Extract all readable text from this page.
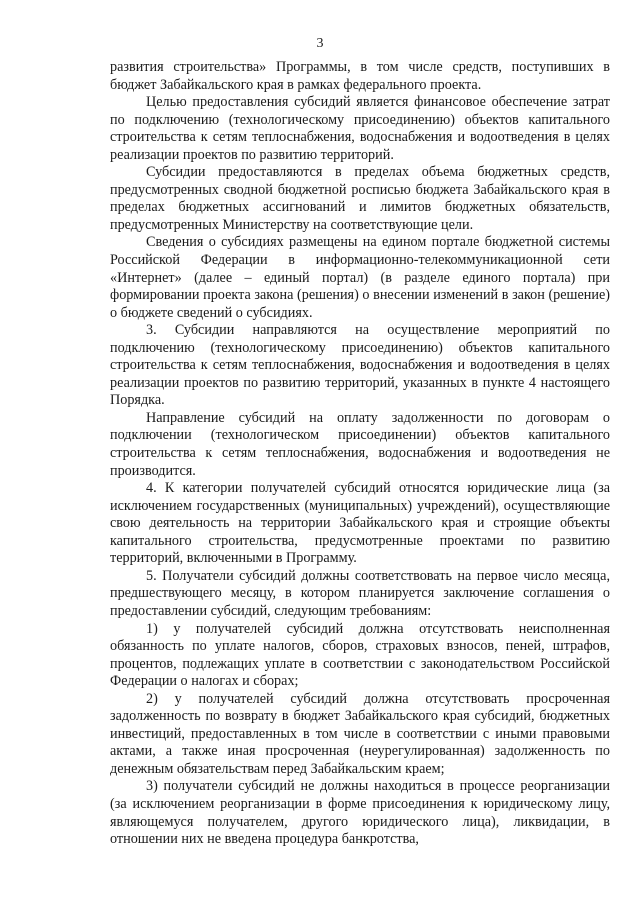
3

развития строительства» Программы, в том числе средств, поступивших в бюджет Забайкальского края в рамках федерального проекта.

Целью предоставления субсидий является финансовое обеспечение затрат по подключению (технологическому присоединению) объектов капитального строительства к сетям теплоснабжения, водоснабжения и водоотведения в целях реализации проектов по развитию территорий.

Субсидии предоставляются в пределах объема бюджетных средств, предусмотренных сводной бюджетной росписью бюджета Забайкальского края в пределах бюджетных ассигнований и лимитов бюджетных обязательств, предусмотренных Министерству на соответствующие цели.

Сведения о субсидиях размещены на едином портале бюджетной системы Российской Федерации в информационно-телекоммуникационной сети «Интернет» (далее – единый портал) (в разделе единого портала) при формировании проекта закона (решения) о внесении изменений в закон (решение) о бюджете сведений о субсидиях.

3. Субсидии направляются на осуществление мероприятий по подключению (технологическому присоединению) объектов капитального строительства к сетям теплоснабжения, водоснабжения и водоотведения в целях реализации проектов по развитию территорий, указанных в пункте 4 настоящего Порядка.

Направление субсидий на оплату задолженности по договорам о подключении (технологическом присоединении) объектов капитального строительства к сетям теплоснабжения, водоснабжения и водоотведения не производится.

4. К категории получателей субсидий относятся юридические лица (за исключением государственных (муниципальных) учреждений), осуществляющие свою деятельность на территории Забайкальского края и строящие объекты капитального строительства, предусмотренные проектами по развитию территорий, включенными в Программу.

5. Получатели субсидий должны соответствовать на первое число месяца, предшествующего месяцу, в котором планируется заключение соглашения о предоставлении субсидий, следующим требованиям:

1) у получателей субсидий должна отсутствовать неисполненная обязанность по уплате налогов, сборов, страховых взносов, пеней, штрафов, процентов, подлежащих уплате в соответствии с законодательством Российской Федерации о налогах и сборах;

2) у получателей субсидий должна отсутствовать просроченная задолженность по возврату в бюджет Забайкальского края субсидий, бюджетных инвестиций, предоставленных в том числе в соответствии с иными правовыми актами, а также иная просроченная (неурегулированная) задолженность по денежным обязательствам перед Забайкальским краем;

3) получатели субсидий не должны находиться в процессе реорганизации (за исключением реорганизации в форме присоединения к юридическому лицу, являющемуся получателем, другого юридического лица), ликвидации, в отношении них не введена процедура банкротства,
